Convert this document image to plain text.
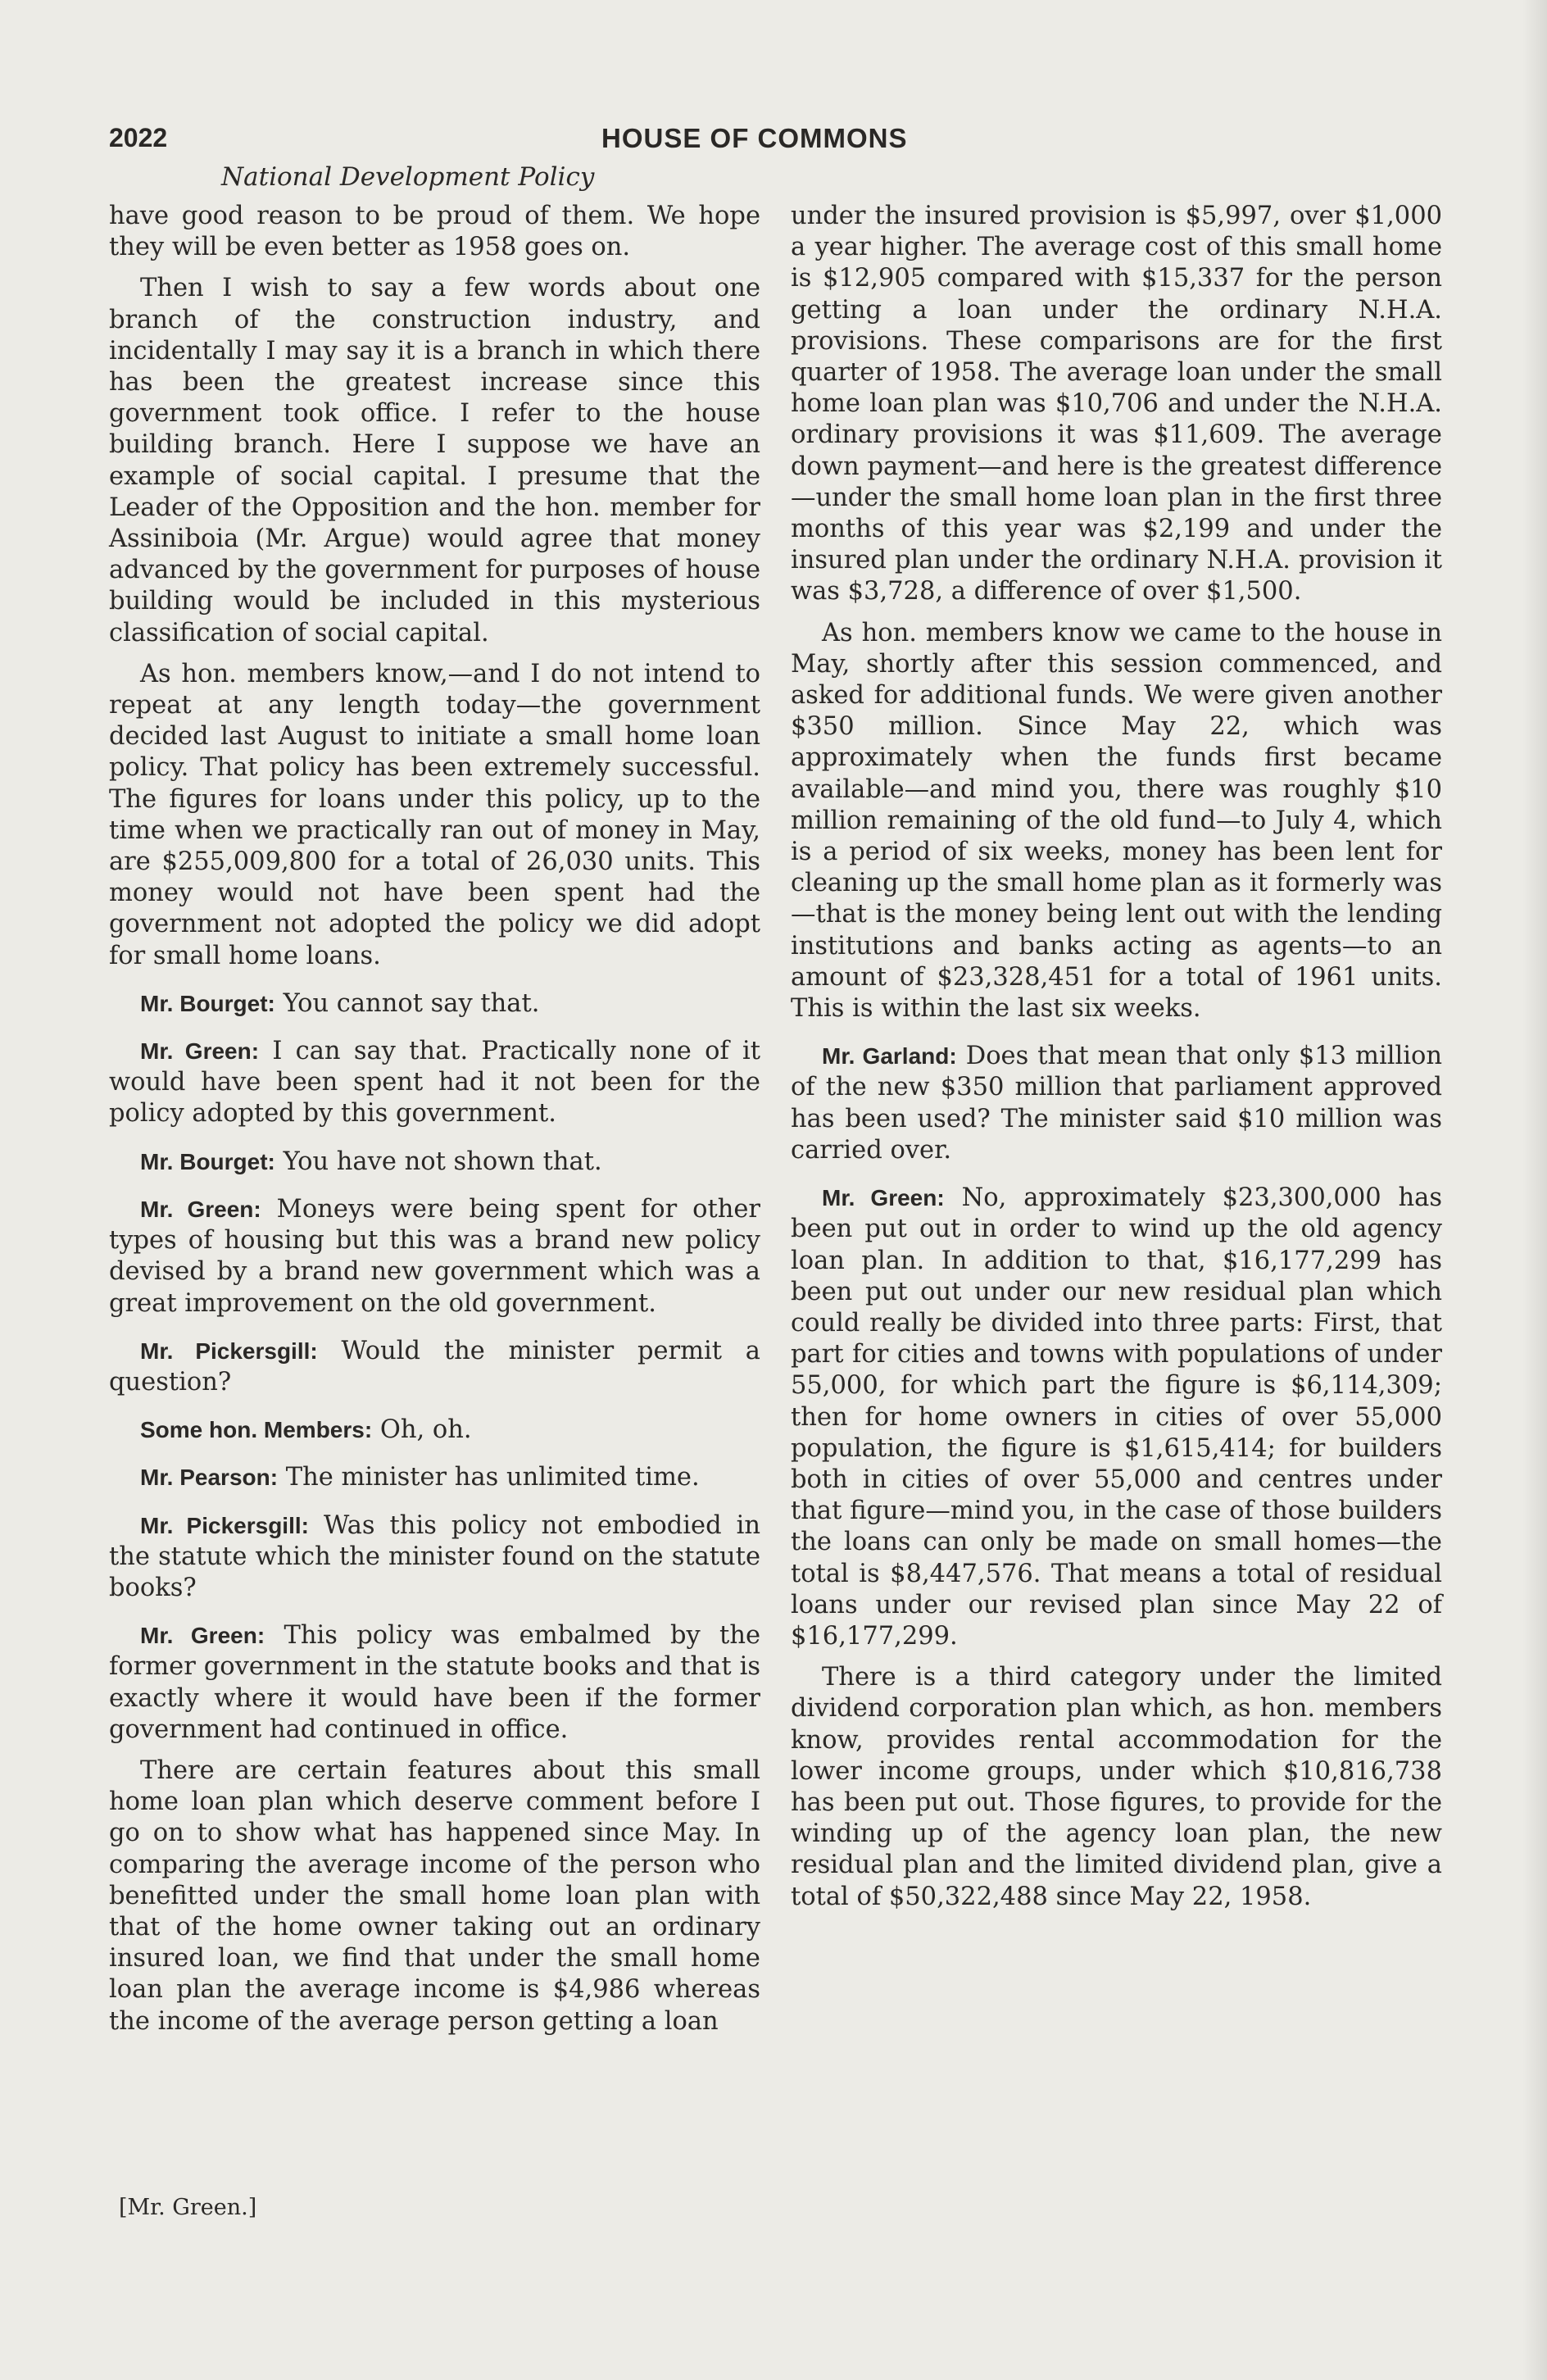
2022	HOUSE OF COMMONS
National Development Policy

have good reason to be proud of them. We hope they will be even better as 1958 goes on.

Then I wish to say a few words about one branch of the construction industry, and incidentally I may say it is a branch in which there has been the greatest increase since this government took office. I refer to the house building branch. Here I suppose we have an example of social capital. I presume that the Leader of the Opposition and the hon. member for Assiniboia (Mr. Argue) would agree that money advanced by the government for purposes of house building would be included in this mysterious classification of social capital.

As hon. members know,—and I do not intend to repeat at any length today—the government decided last August to initiate a small home loan policy. That policy has been extremely successful. The figures for loans under this policy, up to the time when we practically ran out of money in May, are $255,009,800 for a total of 26,030 units. This money would not have been spent had the government not adopted the policy we did adopt for small home loans.

Mr. Bourget: You cannot say that.

Mr. Green: I can say that. Practically none of it would have been spent had it not been for the policy adopted by this government.

Mr. Bourget: You have not shown that.

Mr. Green: Moneys were being spent for other types of housing but this was a brand new policy devised by a brand new government which was a great improvement on the old government.

Mr. Pickersgill: Would the minister permit a question?

Some hon. Members: Oh, oh.

Mr. Pearson: The minister has unlimited time.

Mr. Pickersgill: Was this policy not embodied in the statute which the minister found on the statute books?

Mr. Green: This policy was embalmed by the former government in the statute books and that is exactly where it would have been if the former government had continued in office.

There are certain features about this small home loan plan which deserve comment before I go on to show what has happened since May. In comparing the average income of the person who benefitted under the small home loan plan with that of the home owner taking out an ordinary insured loan, we find that under the small home loan plan the average income is $4,986 whereas the income of the average person getting a loan

under the insured provision is $5,997, over $1,000 a year higher. The average cost of this small home is $12,905 compared with $15,337 for the person getting a loan under the ordinary N.H.A. provisions. These comparisons are for the first quarter of 1958. The average loan under the small home loan plan was $10,706 and under the N.H.A. ordinary provisions it was $11,609. The average down payment—and here is the greatest difference—under the small home loan plan in the first three months of this year was $2,199 and under the insured plan under the ordinary N.H.A. provision it was $3,728, a difference of over $1,500.

As hon. members know we came to the house in May, shortly after this session commenced, and asked for additional funds. We were given another $350 million. Since May 22, which was approximately when the funds first became available—and mind you, there was roughly $10 million remaining of the old fund—to July 4, which is a period of six weeks, money has been lent for cleaning up the small home plan as it formerly was—that is the money being lent out with the lending institutions and banks acting as agents—to an amount of $23,328,451 for a total of 1961 units. This is within the last six weeks.

Mr. Garland: Does that mean that only $13 million of the new $350 million that parliament approved has been used? The minister said $10 million was carried over.

Mr. Green: No, approximately $23,300,000 has been put out in order to wind up the old agency loan plan. In addition to that, $16,177,299 has been put out under our new residual plan which could really be divided into three parts: First, that part for cities and towns with populations of under 55,000, for which part the figure is $6,114,309; then for home owners in cities of over 55,000 population, the figure is $1,615,414; for builders both in cities of over 55,000 and centres under that figure—mind you, in the case of those builders the loans can only be made on small homes—the total is $8,447,576. That means a total of residual loans under our revised plan since May 22 of $16,177,299.

There is a third category under the limited dividend corporation plan which, as hon. members know, provides rental accommodation for the lower income groups, under which $10,816,738 has been put out. Those figures, to provide for the winding up of the agency loan plan, the new residual plan and the limited dividend plan, give a total of $50,322,488 since May 22, 1958.

[Mr. Green.]
